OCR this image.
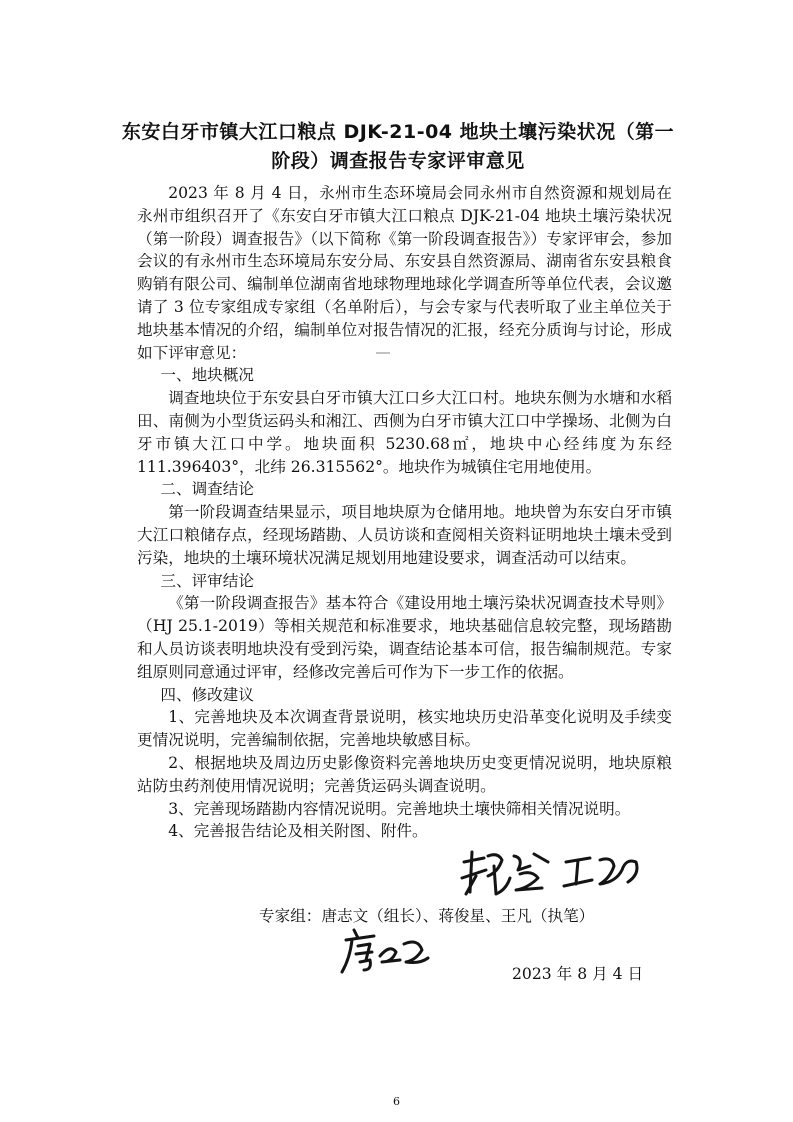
东安白牙市镇大江口粮点 DJK-21-04 地块土壤污染状况（第一阶段）调查报告专家评审意见

2023 年 8 月 4 日，永州市生态环境局会同永州市自然资源和规划局在永州市组织召开了《东安白牙市镇大江口粮点 DJK-21-04 地块土壤污染状况（第一阶段）调查报告》（以下简称《第一阶段调查报告》）专家评审会，参加会议的有永州市生态环境局东安分局、东安县自然资源局、湖南省东安县粮食购销有限公司、编制单位湖南省地球物理地球化学调查所等单位代表，会议邀请了 3 位专家组成专家组（名单附后），与会专家与代表听取了业主单位关于地块基本情况的介绍，编制单位对报告情况的汇报，经充分质询与讨论，形成如下评审意见：

一、地块概况

调查地块位于东安县白牙市镇大江口乡大江口村。地块东侧为水塘和水稻田、南侧为小型货运码头和湘江、西侧为白牙市镇大江口中学操场、北侧为白牙市镇大江口中学。地块面积 5230.68㎡，地块中心经纬度为东经 111.396403°，北纬 26.315562°。地块作为城镇住宅用地使用。

二、调查结论

第一阶段调查结果显示，项目地块原为仓储用地。地块曾为东安白牙市镇大江口粮储存点，经现场踏勘、人员访谈和查阅相关资料证明地块土壤未受到污染，地块的土壤环境状况满足规划用地建设要求，调查活动可以结束。

三、评审结论

《第一阶段调查报告》基本符合《建设用地土壤污染状况调查技术导则》（HJ 25.1-2019）等相关规范和标准要求，地块基础信息较完整，现场踏勘和人员访谈表明地块没有受到污染，调查结论基本可信，报告编制规范。专家组原则同意通过评审，经修改完善后可作为下一步工作的依据。

四、修改建议

1、完善地块及本次调查背景说明，核实地块历史沿革变化说明及手续变更情况说明，完善编制依据，完善地块敏感目标。

2、根据地块及周边历史影像资料完善地块历史变更情况说明，地块原粮站防虫药剂使用情况说明；完善货运码头调查说明。

3、完善现场踏勘内容情况说明。完善地块土壤快筛相关情况说明。

4、完善报告结论及相关附图、附件。

专家组：唐志文（组长）、蒋俊星、王凡（执笔）
2023 年 8 月 4 日
6
